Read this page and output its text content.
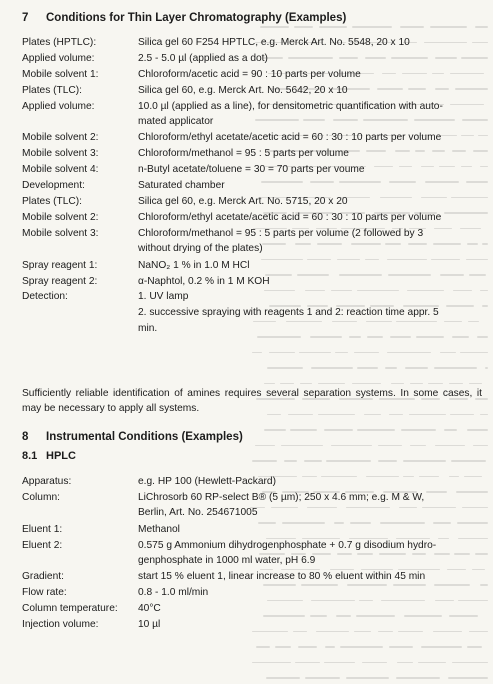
7 Conditions for Thin Layer Chromatography (Examples)
Plates (HPTLC):	Silica gel 60 F254 HPTLC, e.g. Merck Art. No. 5548, 20 x 10
Applied volume:	2.5 - 5.0 µl (applied as a dot)
Mobile solvent 1:	Chloroform/acetic acid = 90 : 10 parts per volume
Plates (TLC):	Silica gel 60, e.g. Merck Art. No. 5642, 20 x 10
Applied volume:	10.0 µl (applied as a line), for densitometric quantification with auto-
mated applicator
Mobile solvent 2:	Chloroform/ethyl acetate/acetic acid = 60 : 30 : 10 parts per volume
Mobile solvent 3:	Chloroform/methanol = 95 : 5 parts per volume
Mobile solvent 4:	n-Butyl acetate/toluene = 30 = 70 parts per voume
Development:	Saturated chamber
Plates (TLC):	Silica gel 60, e.g. Merck Art. No. 5715, 20 x 20
Mobile solvent 2:	Chloroform/ethyl acetate/acetic acid = 60 : 30 : 10 parts per volume
Mobile solvent 3:	Chloroform/methanol = 95 : 5 parts per volume (2 followed by 3
without drying of the plates)
Spray reagent 1:	NaNO₂ 1 % in 1.0 M HCl
Spray reagent 2:	α-Naphtol, 0.2 % in 1 M KOH
Detection:	1. UV lamp
2. successive spraying with reagents 1 and 2: reaction time appr. 5
min.
Sufficiently reliable identification of amines requires several separation systems. In some cases, it may be necessary to apply all systems.
8 Instrumental Conditions (Examples)
8.1 HPLC
Apparatus:	e.g. HP 100 (Hewlett-Packard)
Column:	LiChrosorb 60 RP-select B® (5 µm); 250 x 4.6 mm; e.g. M & W,
Berlin, Art. No. 254671005
Eluent 1:	Methanol
Eluent 2:	0.575 g Ammonium dihydrogenphosphate + 0.7 g disodium hydro-
genphosphate in 1000 ml water, pH 6.9
Gradient:	start 15 % eluent 1, linear increase to 80 % eluent within 45 min
Flow rate:	0.8 - 1.0 ml/min
Column temperature: 40°C
Injection volume:	10 µl
